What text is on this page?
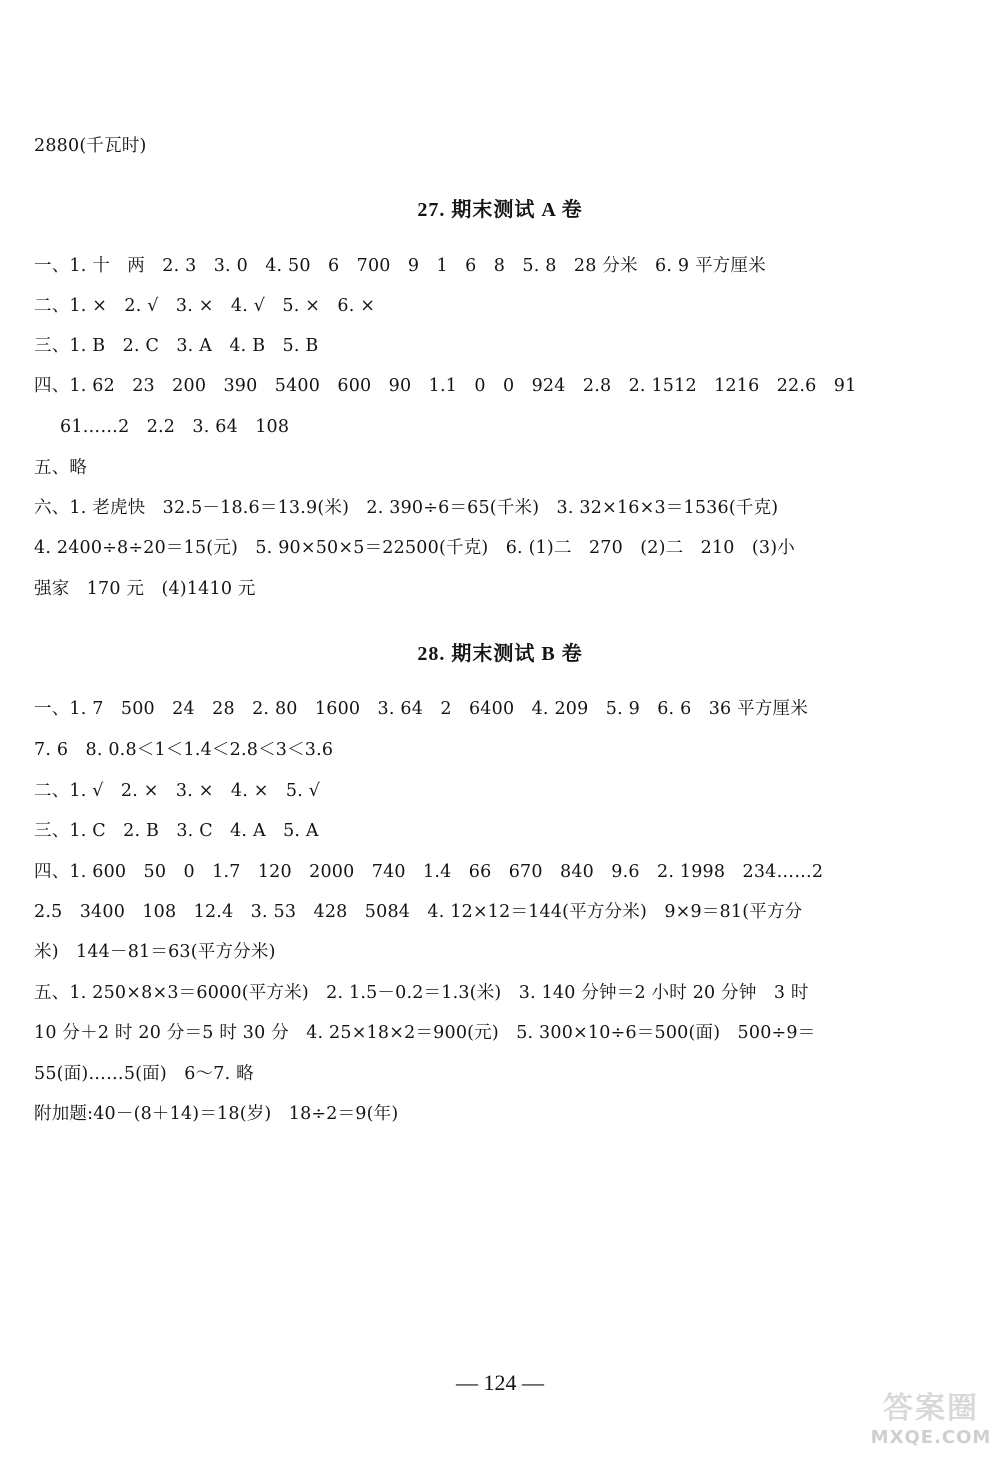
2880(千瓦时)
27. 期末测试 A 卷
一、1. 十   两   2. 3   3. 0   4. 50   6   700   9   1   6   8   5. 8   28 分米   6. 9 平方厘米
二、1. ×   2. √   3. ×   4. √   5. ×   6. ×
三、1. B   2. C   3. A   4. B   5. B
四、1. 62   23   200   390   5400   600   90   1.1   0   0   924   2.8   2. 1512   1216   22.6   91
61……2   2.2   3. 64   108
五、略
六、1. 老虎快   32.5－18.6＝13.9(米)   2. 390÷6＝65(千米)   3. 32×16×3＝1536(千克)
4. 2400÷8÷20＝15(元)   5. 90×50×5＝22500(千克)   6. (1)二   270   (2)二   210   (3)小
强家   170 元   (4)1410 元
28. 期末测试 B 卷
一、1. 7   500   24   28   2. 80   1600   3. 64   2   6400   4. 209   5. 9   6. 6   36 平方厘米
7. 6   8. 0.8＜1＜1.4＜2.8＜3＜3.6
二、1. √   2. ×   3. ×   4. ×   5. √
三、1. C   2. B   3. C   4. A   5. A
四、1. 600   50   0   1.7   120   2000   740   1.4   66   670   840   9.6   2. 1998   234……2
2.5   3400   108   12.4   3. 53   428   5084   4. 12×12＝144(平方分米)   9×9＝81(平方分
米)   144－81＝63(平方分米)
五、1. 250×8×3＝6000(平方米)   2. 1.5－0.2＝1.3(米)   3. 140 分钟＝2 小时 20 分钟   3 时
10 分＋2 时 20 分＝5 时 30 分   4. 25×18×2＝900(元)   5. 300×10÷6＝500(面)   500÷9＝
55(面)……5(面)   6～7. 略
附加题:40－(8＋14)＝18(岁)   18÷2＝9(年)
— 124 —
答案圈
MXQE.COM
